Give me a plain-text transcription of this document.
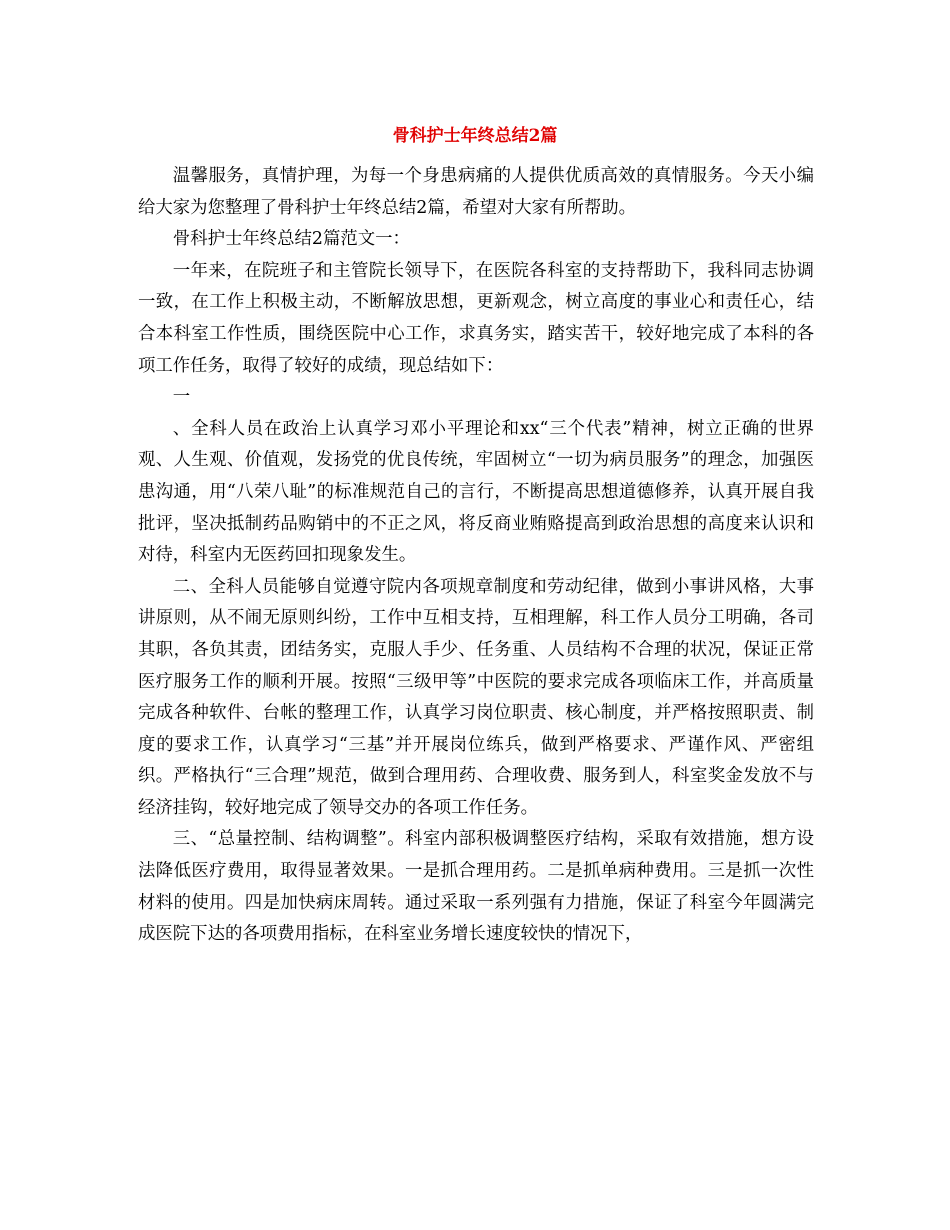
骨科护士年终总结2篇

温馨服务，真情护理，为每一个身患病痛的人提供优质高效的真情服务。今天小编给大家为您整理了骨科护士年终总结2篇，希望对大家有所帮助。

骨科护士年终总结2篇范文一：

一年来，在院班子和主管院长领导下，在医院各科室的支持帮助下，我科同志协调一致，在工作上积极主动，不断解放思想，更新观念，树立高度的事业心和责任心，结合本科室工作性质，围绕医院中心工作，求真务实，踏实苦干，较好地完成了本科的各项工作任务，取得了较好的成绩，现总结如下：

一

、全科人员在政治上认真学习邓小平理论和xx“三个代表”精神，树立正确的世界观、人生观、价值观，发扬党的优良传统，牢固树立“一切为病员服务”的理念，加强医患沟通，用“八荣八耻”的标准规范自己的言行，不断提高思想道德修养，认真开展自我批评，坚决抵制药品购销中的不正之风，将反商业贿赂提高到政治思想的高度来认识和对待，科室内无医药回扣现象发生。

二、全科人员能够自觉遵守院内各项规章制度和劳动纪律，做到小事讲风格，大事讲原则，从不闹无原则纠纷，工作中互相支持，互相理解，科工作人员分工明确，各司其职，各负其责，团结务实，克服人手少、任务重、人员结构不合理的状况，保证正常医疗服务工作的顺利开展。按照“三级甲等”中医院的要求完成各项临床工作，并高质量完成各种软件、台帐的整理工作，认真学习岗位职责、核心制度，并严格按照职责、制度的要求工作，认真学习“三基”并开展岗位练兵，做到严格要求、严谨作风、严密组织。严格执行“三合理”规范，做到合理用药、合理收费、服务到人，科室奖金发放不与经济挂钩，较好地完成了领导交办的各项工作任务。

三、“总量控制、结构调整”。科室内部积极调整医疗结构，采取有效措施，想方设法降低医疗费用，取得显著效果。一是抓合理用药。二是抓单病种费用。三是抓一次性材料的使用。四是加快病床周转。通过采取一系列强有力措施，保证了科室今年圆满完成医院下达的各项费用指标，在科室业务增长速度较快的情况下，
